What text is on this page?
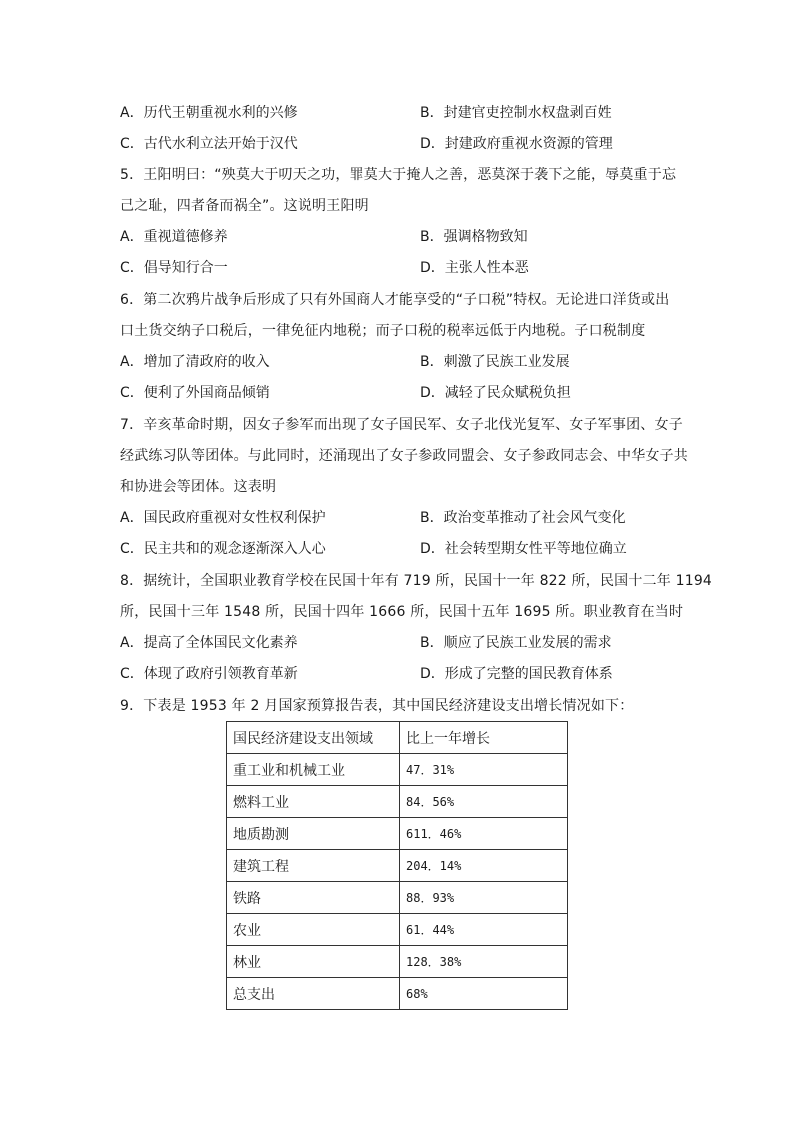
A．历代王朝重视水利的兴修	B．封建官吏控制水权盘剥百姓
C．古代水利立法开始于汉代	D．封建政府重视水资源的管理
5．王阳明曰：“殃莫大于叨天之功，罪莫大于掩人之善，恶莫深于袭下之能，辱莫重于忘
己之耻，四者备而祸全”。这说明王阳明
A．重视道德修养	B．强调格物致知
C．倡导知行合一	D．主张人性本恶
6．第二次鸦片战争后形成了只有外国商人才能享受的“子口税”特权。无论进口洋货或出
口土货交纳子口税后，一律免征内地税；而子口税的税率远低于内地税。子口税制度
A．增加了清政府的收入	B．刺激了民族工业发展
C．便利了外国商品倾销	D．减轻了民众赋税负担
7．辛亥革命时期，因女子参军而出现了女子国民军、女子北伐光复军、女子军事团、女子
经武练习队等团体。与此同时，还涌现出了女子参政同盟会、女子参政同志会、中华女子共
和协进会等团体。这表明
A．国民政府重视对女性权利保护	B．政治变革推动了社会风气变化
C．民主共和的观念逐渐深入人心	D．社会转型期女性平等地位确立
8．据统计，全国职业教育学校在民国十年有 719 所，民国十一年 822 所，民国十二年 1194
所，民国十三年 1548 所，民国十四年 1666 所，民国十五年 1695 所。职业教育在当时
A．提高了全体国民文化素养	B．顺应了民族工业发展的需求
C．体现了政府引领教育革新	D．形成了完整的国民教育体系
9．下表是 1953 年 2 月国家预算报告表，其中国民经济建设支出增长情况如下：
国民经济建设支出领域	比上一年增长
重工业和机械工业	47．31%
燃料工业	84．56%
地质勘测	611．46%
建筑工程	204．14%
铁路	88．93%
农业	61．44%
林业	128．38%
总支出	68%
